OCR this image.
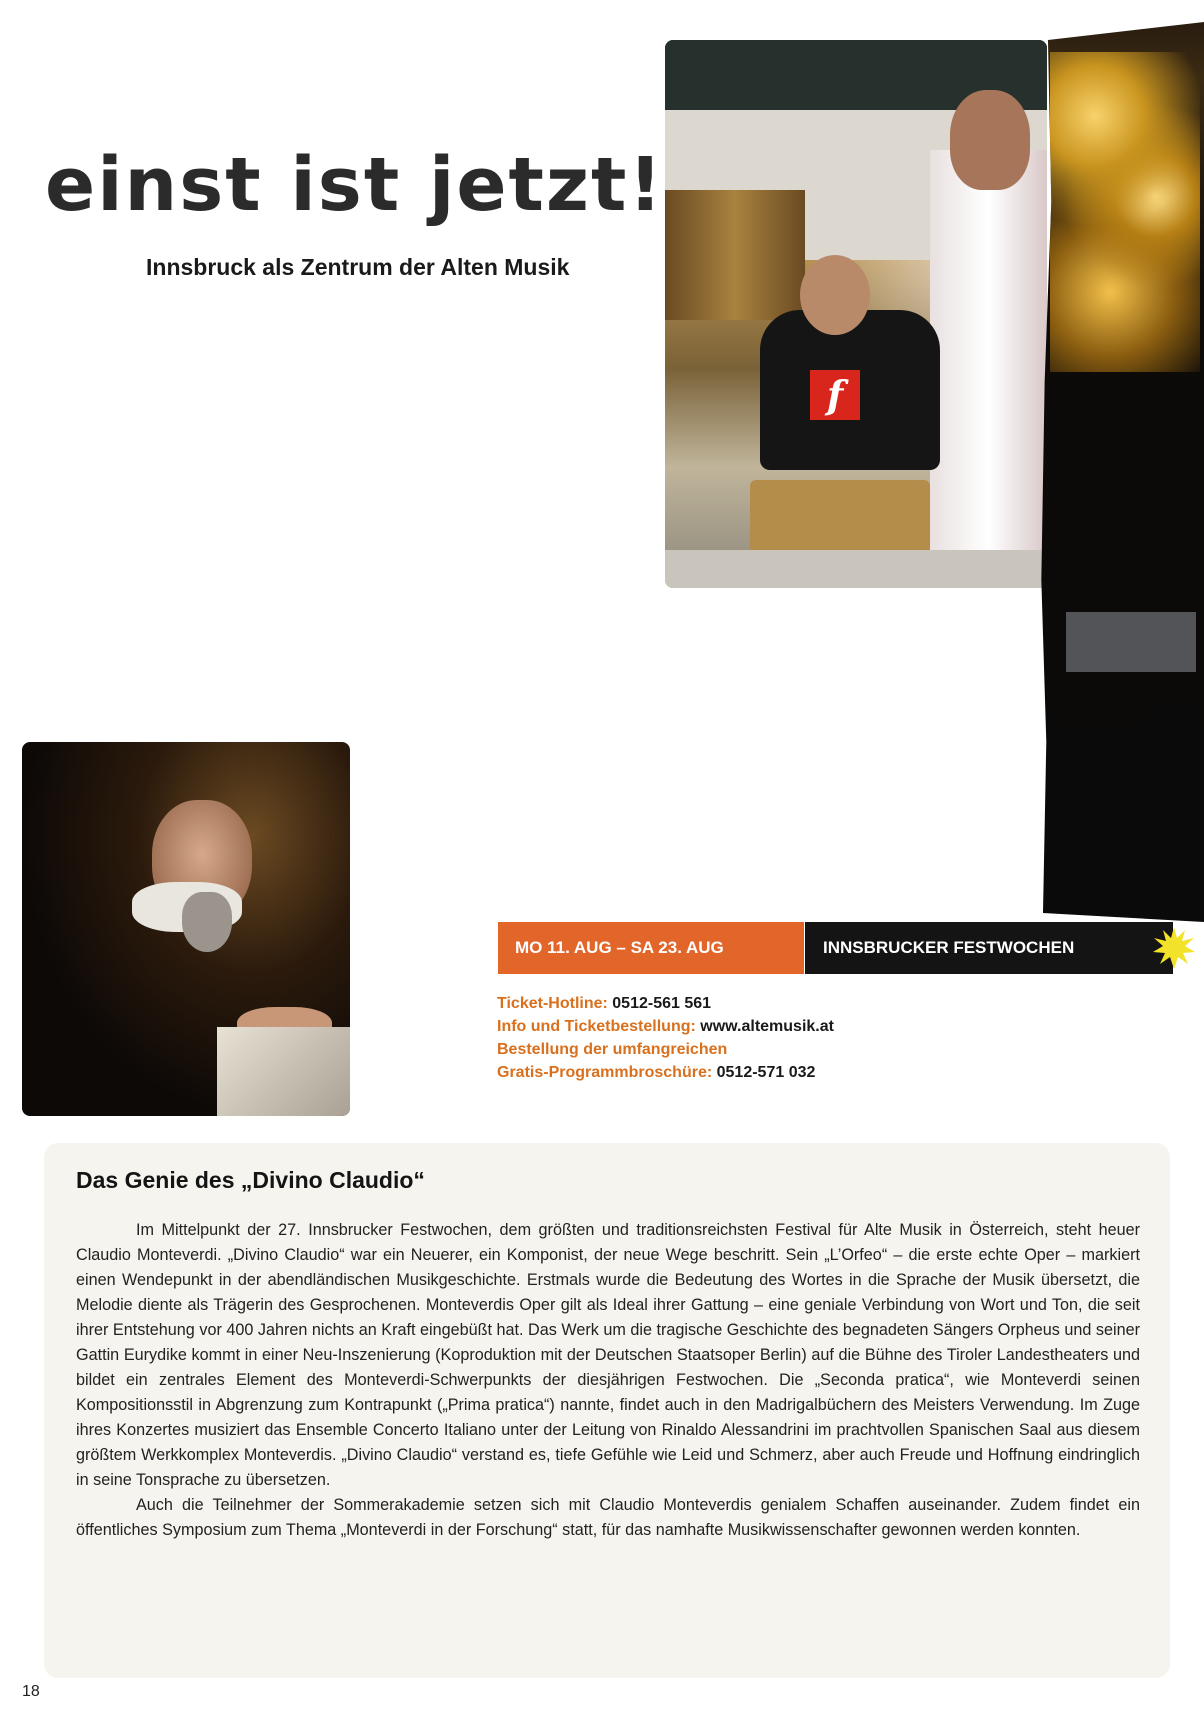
einst ist jetzt!

Innsbruck als Zentrum der Alten Musik

f
MO 11. AUG – SA 23. AUG	INNSBRUCKER FESTWOCHEN
Ticket-Hotline: 0512-561 561
Info und Ticketbestellung: www.altemusik.at
Bestellung der umfangreichen
Gratis-Programmbroschüre: 0512-571 032
Das Genie des „Divino Claudio“

Im Mittelpunkt der 27. Innsbrucker Festwochen, dem größten und traditionsreichsten Festival für Alte Musik in Österreich, steht heuer Claudio Monteverdi. „Divino Claudio“ war ein Neuerer, ein Komponist, der neue Wege beschritt. Sein „L’Orfeo“ – die erste echte Oper – markiert einen Wendepunkt in der abendländischen Musikgeschichte. Erstmals wurde die Bedeutung des Wortes in die Sprache der Musik übersetzt, die Melodie diente als Trägerin des Gesprochenen. Monteverdis Oper gilt als Ideal ihrer Gattung – eine geniale Verbindung von Wort und Ton, die seit ihrer Entstehung vor 400 Jahren nichts an Kraft eingebüßt hat. Das Werk um die tragische Geschichte des begnadeten Sängers Orpheus und seiner Gattin Eurydike kommt in einer Neu-Inszenierung (Koproduktion mit der Deutschen Staatsoper Berlin) auf die Bühne des Tiroler Landestheaters und bildet ein zentrales Element des Monteverdi-Schwerpunkts der diesjährigen Festwochen. Die „Seconda pratica“, wie Monteverdi seinen Kompositionsstil in Abgrenzung zum Kontrapunkt („Prima pratica“) nannte, findet auch in den Madrigalbüchern des Meisters Verwendung. Im Zuge ihres Konzertes musiziert das Ensemble Concerto Italiano unter der Leitung von Rinaldo Alessandrini im prachtvollen Spanischen Saal aus diesem größtem Werkkomplex Monteverdis. „Divino Claudio“ verstand es, tiefe Gefühle wie Leid und Schmerz, aber auch Freude und Hoffnung eindringlich in seine Tonsprache zu übersetzen.

Auch die Teilnehmer der Sommerakademie setzen sich mit Claudio Monteverdis genialem Schaffen auseinander. Zudem findet ein öffentliches Symposium zum Thema „Monteverdi in der Forschung“ statt, für das namhafte Musikwissenschafter gewonnen werden konnten.

18
